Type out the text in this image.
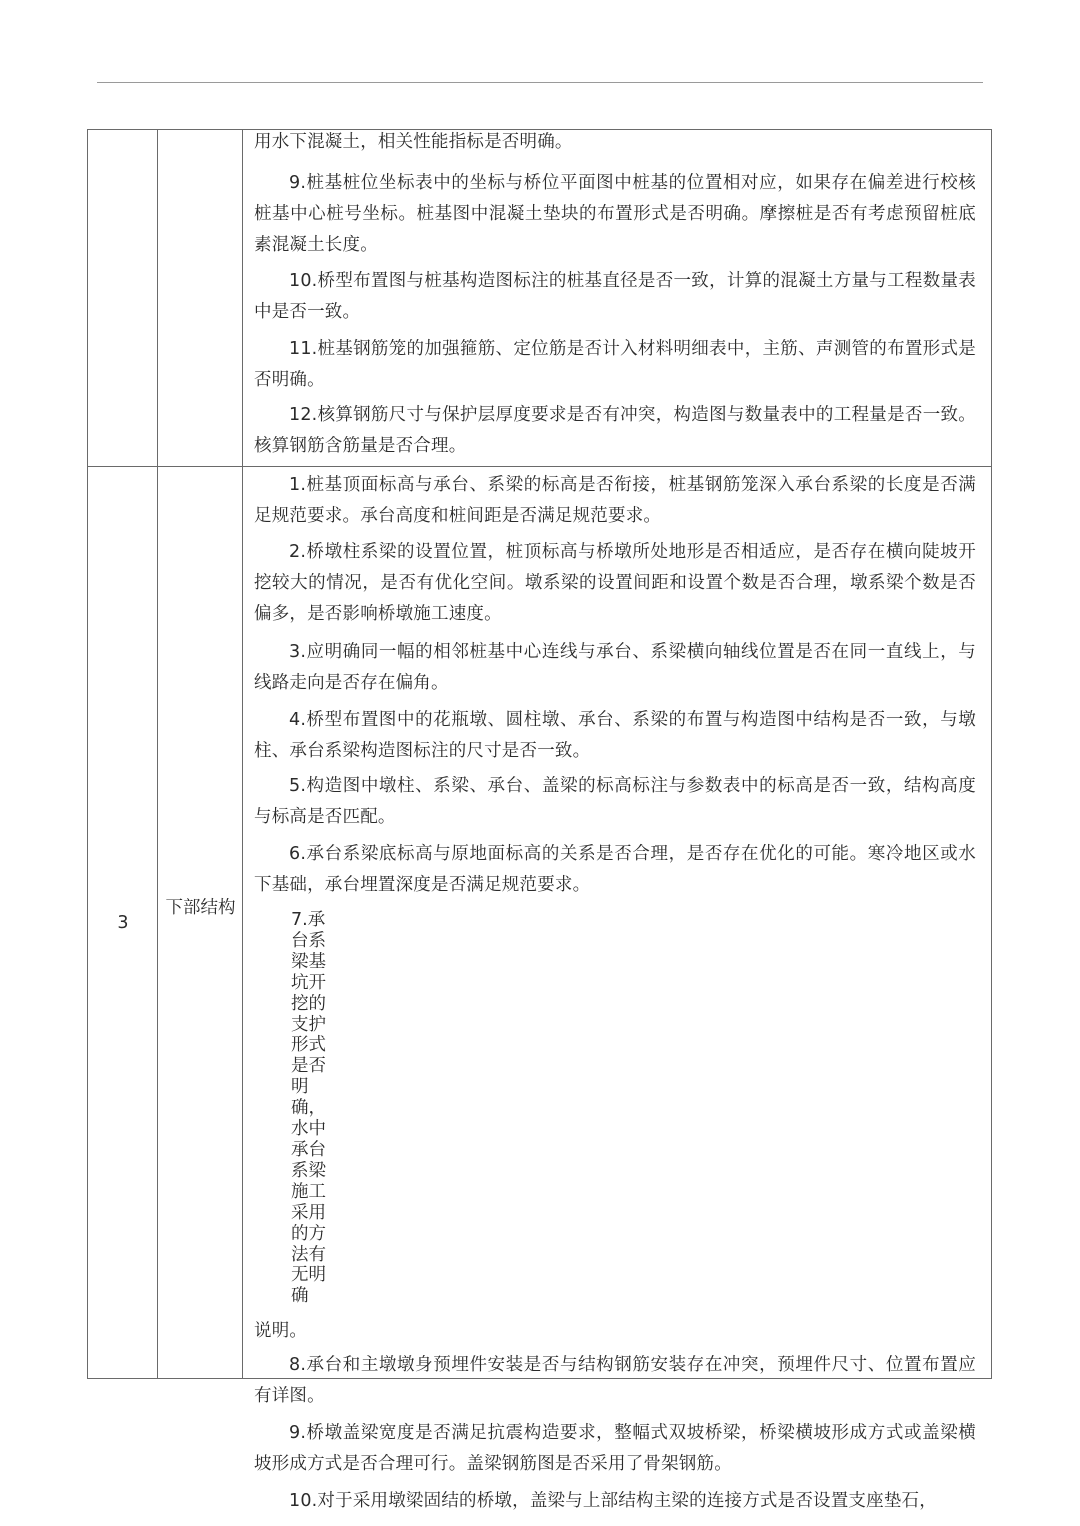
用水下混凝土，相关性能指标是否明确。

9.桩基桩位坐标表中的坐标与桥位平面图中桩基的位置相对应，如果存在偏差进行校核桩基中心桩号坐标。桩基图中混凝土垫块的布置形式是否明确。摩擦桩是否有考虑预留桩底素混凝土长度。

10.桥型布置图与桩基构造图标注的桩基直径是否一致，计算的混凝土方量与工程数量表中是否一致。

11.桩基钢筋笼的加强箍筋、定位筋是否计入材料明细表中，主筋、声测管的布置形式是否明确。

12.核算钢筋尺寸与保护层厚度要求是否有冲突，构造图与数量表中的工程量是否一致。核算钢筋含筋量是否合理。

3
下部结构

1.桩基顶面标高与承台、系梁的标高是否衔接，桩基钢筋笼深入承台系梁的长度是否满足规范要求。承台高度和桩间距是否满足规范要求。

2.桥墩柱系梁的设置位置，桩顶标高与桥墩所处地形是否相适应，是否存在横向陡坡开挖较大的情况，是否有优化空间。墩系梁的设置间距和设置个数是否合理，墩系梁个数是否偏多，是否影响桥墩施工速度。

3.应明确同一幅的相邻桩基中心连线与承台、系梁横向轴线位置是否在同一直线上，与线路走向是否存在偏角。

4.桥型布置图中的花瓶墩、圆柱墩、承台、系梁的布置与构造图中结构是否一致，与墩柱、承台系梁构造图标注的尺寸是否一致。

5.构造图中墩柱、系梁、承台、盖梁的标高标注与参数表中的标高是否一致，结构高度与标高是否匹配。

6.承台系梁底标高与原地面标高的关系是否合理，是否存在优化的可能。寒冷地区或水下基础，承台埋置深度是否满足规范要求。

7.承台系梁基坑开挖的支护形式是否明确，水中承台系梁施工采用的方法有无明确

说明。

8.承台和主墩墩身预埋件安装是否与结构钢筋安装存在冲突，预埋件尺寸、位置布置应有详图。

9.桥墩盖梁宽度是否满足抗震构造要求，整幅式双坡桥梁，桥梁横坡形成方式或盖梁横坡形成方式是否合理可行。盖梁钢筋图是否采用了骨架钢筋。

10.对于采用墩梁固结的桥墩，盖梁与上部结构主梁的连接方式是否设置支座垫石，
